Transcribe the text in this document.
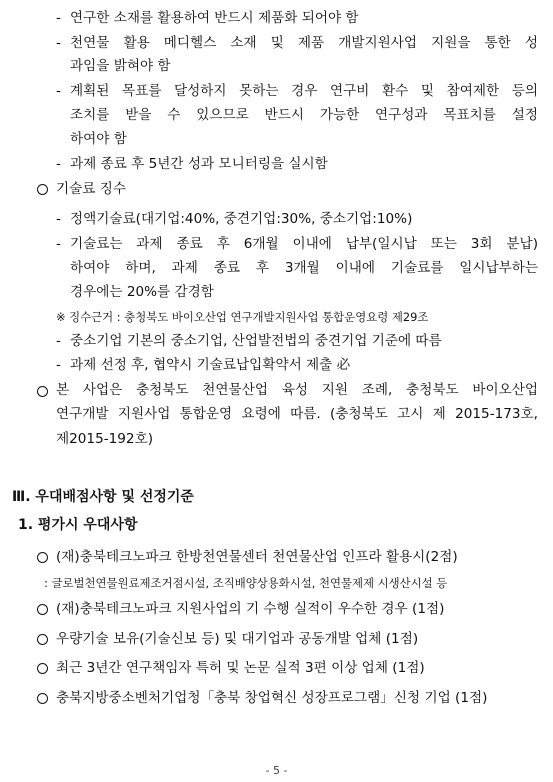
- 연구한 소재를 활용하여 반드시 제품화 되어야 함
- 천연물 활용 메디헬스 소재 및 제품 개발지원사업 지원을 통한 성
과임을 밝혀야 함
- 계획된 목표를 달성하지 못하는 경우 연구비 환수 및 참여제한 등의
조치를 받을 수 있으므로 반드시 가능한 연구성과 목표치를 설정
하여야 함
- 과제 종료 후 5년간 성과 모니터링을 실시함
기술료 징수
- 정액기술료(대기업:40%, 중견기업:30%, 중소기업:10%)
- 기술료는 과제 종료 후 6개월 이내에 납부(일시납 또는 3회 분납)
하여야 하며, 과제 종료 후 3개월 이내에 기술료를 일시납부하는
경우에는 20%를 감경함
※ 징수근거 : 충청북도 바이오산업 연구개발지원사업 통합운영요령 제29조
- 중소기업 기본의 중소기업, 산업발전법의 중견기업 기준에 따름
- 과제 선정 후, 협약시 기술료납입확약서 제출 必
본 사업은 충청북도 천연물산업 육성 지원 조례, 충청북도 바이오산업
연구개발 지원사업 통합운영 요령에 따름. (충청북도 고시 제 2015-173호,
제2015-192호)
Ⅲ. 우대배점사항 및 선정기준
1. 평가시 우대사항
(재)충북테크노파크 한방천연물센터 천연물산업 인프라 활용시(2점)
: 글로벌천연물원료제조거점시설, 조직배양상용화시설, 천연물제제 시생산시설 등
(재)충북테크노파크 지원사업의 기 수행 실적이 우수한 경우 (1점)
우량기술 보유(기술신보 등) 및 대기업과 공동개발 업체 (1점)
최근 3년간 연구책임자 특허 및 논문 실적 3편 이상 업체 (1점)
충북지방중소벤처기업청「충북 창업혁신 성장프로그램」신청 기업 (1점)
- 5 -
